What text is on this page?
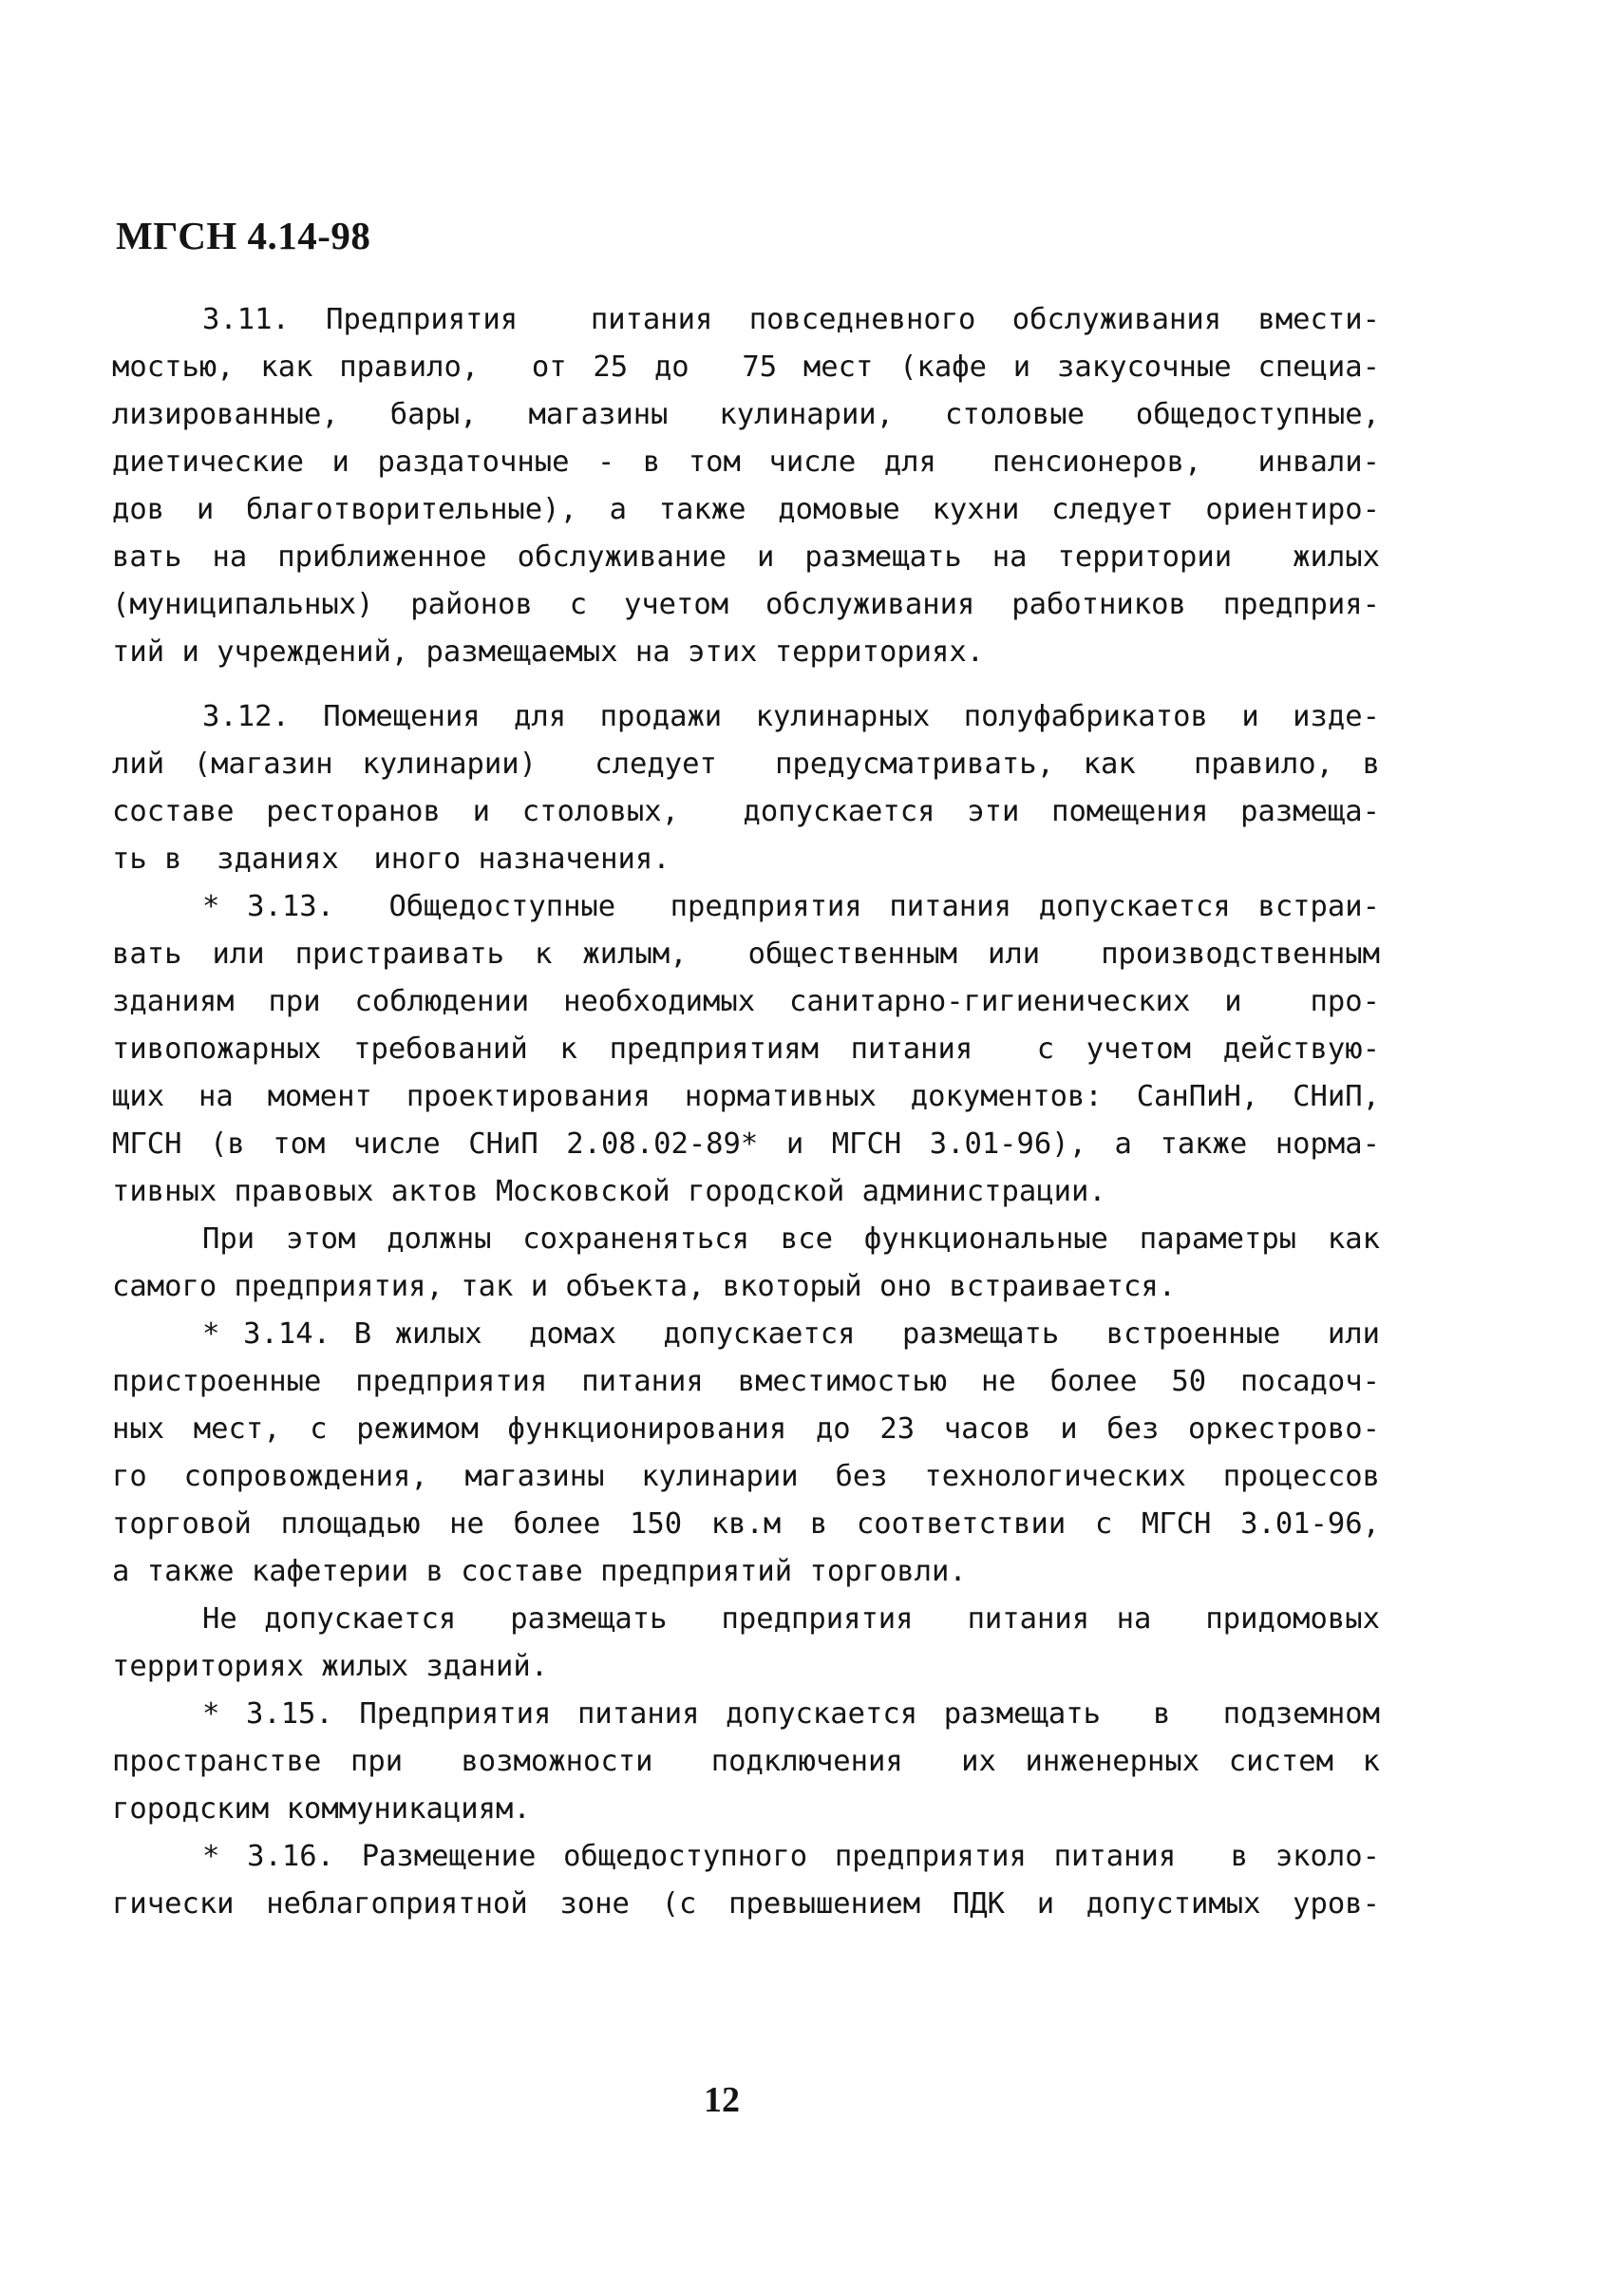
МГСН 4.14-98
3.11. Предприятия  питания повседневного обслуживания вмести-
мостью, как правило,  от 25 до  75 мест (кафе и закусочные специа-
лизированные, бары, магазины кулинарии, столовые общедоступные,
диетические и раздаточные - в том числе для  пенсионеров,  инвали-
дов и благотворительные), а также домовые кухни следует ориентиро-
вать на приближенное обслуживание и размещать на территории  жилых
(муниципальных) районов с учетом обслуживания работников предприя-
тий и учреждений, размещаемых на этих территориях.
3.12. Помещения для продажи кулинарных полуфабрикатов и изде-
лий (магазин кулинарии)  следует  предусматривать, как  правило, в
составе ресторанов и столовых,  допускается эти помещения размеща-
ть в  зданиях  иного назначения.
* 3.13.  Общедоступные  предприятия питания допускается встраи-
вать или пристраивать к жилым,  общественным или  производственным
зданиям при соблюдении необходимых санитарно-гигиенических и  про-
тивопожарных требований к предприятиям питания  с учетом действую-
щих на момент проектирования нормативных документов: СанПиН, СНиП,
МГСН (в том числе СНиП 2.08.02-89* и МГСН 3.01-96), а также норма-
тивных правовых актов Московской городской администрации.
При этом должны сохраненяться все функциональные параметры как
самого предприятия, так и объекта, вкоторый оно встраивается.
* 3.14. В жилых  домах  допускается  размещать  встроенные  или
пристроенные предприятия питания вместимостью не более 50 посадоч-
ных мест, с режимом функционирования до 23 часов и без оркестрово-
го сопровождения, магазины кулинарии без технологических процессов
торговой площадью не более 150 кв.м в соответствии с МГСН 3.01-96,
а также кафетерии в составе предприятий торговли.
Не допускается  размещать  предприятия  питания на  придомовых
территориях жилых зданий.
* 3.15. Предприятия питания допускается размещать  в  подземном
пространстве при  возможности  подключения  их инженерных систем к
городским коммуникациям.
* 3.16. Размещение общедоступного предприятия питания  в эколо-
гически неблагоприятной зоне (с превышением ПДК и допустимых уров-
12
